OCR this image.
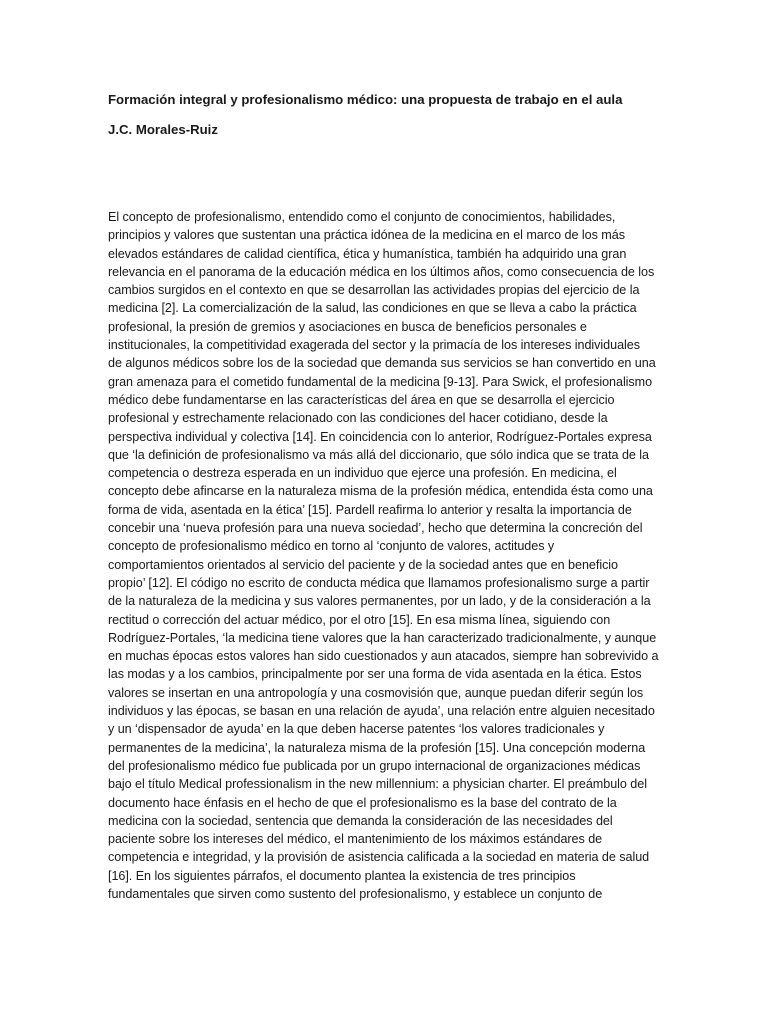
Formación integral y profesionalismo médico: una propuesta de trabajo en el aula
J.C. Morales-Ruiz
El concepto de profesionalismo, entendido como el conjunto de conocimientos, habilidades,
principios y valores que sustentan una práctica idónea de la medicina en el marco de los más
elevados estándares de calidad científica, ética y humanística, también ha adquirido una gran
relevancia en el panorama de la educación médica en los últimos años, como consecuencia de los
cambios surgidos en el contexto en que se desarrollan las actividades propias del ejercicio de la
medicina [2]. La comercialización de la salud, las condiciones en que se lleva a cabo la práctica
profesional, la presión de gremios y asociaciones en busca de beneficios personales e
institucionales, la competitividad exagerada del sector y la primacía de los intereses individuales
de algunos médicos sobre los de la sociedad que demanda sus servicios se han convertido en una
gran amenaza para el cometido fundamental de la medicina [9-13]. Para Swick, el profesionalismo
médico debe fundamentarse en las características del área en que se desarrolla el ejercicio
profesional y estrechamente relacionado con las condiciones del hacer cotidiano, desde la
perspectiva individual y colectiva [14]. En coincidencia con lo anterior, Rodríguez-Portales expresa
que ‘la definición de profesionalismo va más allá del diccionario, que sólo indica que se trata de la
competencia o destreza esperada en un individuo que ejerce una profesión. En medicina, el
concepto debe afincarse en la naturaleza misma de la profesión médica, entendida ésta como una
forma de vida, asentada en la ética’ [15]. Pardell reafirma lo anterior y resalta la importancia de
concebir una ‘nueva profesión para una nueva sociedad’, hecho que determina la concreción del
concepto de profesionalismo médico en torno al ‘conjunto de valores, actitudes y
comportamientos orientados al servicio del paciente y de la sociedad antes que en beneficio
propio’ [12]. El código no escrito de conducta médica que llamamos profesionalismo surge a partir
de la naturaleza de la medicina y sus valores permanentes, por un lado, y de la consideración a la
rectitud o corrección del actuar médico, por el otro [15]. En esa misma línea, siguiendo con
Rodríguez-Portales, ‘la medicina tiene valores que la han caracterizado tradicionalmente, y aunque
en muchas épocas estos valores han sido cuestionados y aun atacados, siempre han sobrevivido a
las modas y a los cambios, principalmente por ser una forma de vida asentada en la ética. Estos
valores se insertan en una antropología y una cosmovisión que, aunque puedan diferir según los
individuos y las épocas, se basan en una relación de ayuda’, una relación entre alguien necesitado
y un ‘dispensador de ayuda’ en la que deben hacerse patentes ‘los valores tradicionales y
permanentes de la medicina’, la naturaleza misma de la profesión [15]. Una concepción moderna
del profesionalismo médico fue publicada por un grupo internacional de organizaciones médicas
bajo el título Medical professionalism in the new millennium: a physician charter. El preámbulo del
documento hace énfasis en el hecho de que el profesionalismo es la base del contrato de la
medicina con la sociedad, sentencia que demanda la consideración de las necesidades del
paciente sobre los intereses del médico, el mantenimiento de los máximos estándares de
competencia e integridad, y la provisión de asistencia calificada a la sociedad en materia de salud
[16]. En los siguientes párrafos, el documento plantea la existencia de tres principios
fundamentales que sirven como sustento del profesionalismo, y establece un conjunto de
